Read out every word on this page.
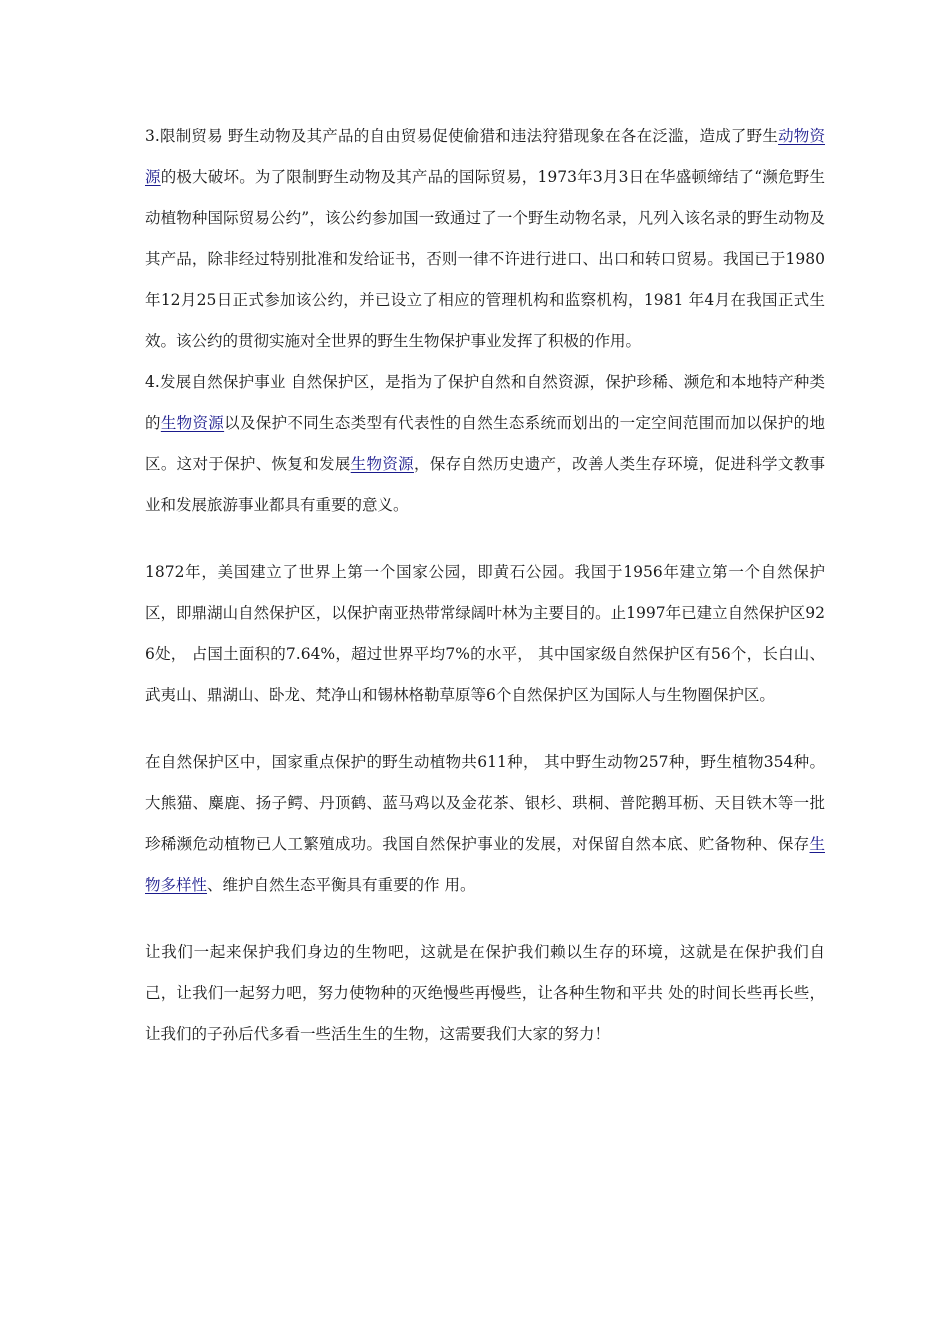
3.限制贸易 野生动物及其产品的自由贸易促使偷猎和违法狩猎现象在各在泛滥，造成了野生动物资源的极大破坏。为了限制野生动物及其产品的国际贸易，1973年3月3日在华盛顿缔结了“濒危野生动植物种国际贸易公约”，该公约参加国一致通过了一个野生动物名录，凡列入该名录的野生动物及其产品，除非经过特别批准和发给证书，否则一律不许进行进口、出口和转口贸易。我国已于1980年12月25日正式参加该公约，并已设立了相应的管理机构和监察机构，1981 年4月在我国正式生效。该公约的贯彻实施对全世界的野生生物保护事业发挥了积极的作用。

4.发展自然保护事业 自然保护区，是指为了保护自然和自然资源，保护珍稀、濒危和本地特产种类的生物资源以及保护不同生态类型有代表性的自然生态系统而划出的一定空间范围而加以保护的地区。这对于保护、恢复和发展生物资源，保存自然历史遗产，改善人类生存环境，促进科学文教事业和发展旅游事业都具有重要的意义。

1872年，美国建立了世界上第一个国家公园，即黄石公园。我国于1956年建立第一个自然保护区，即鼎湖山自然保护区，以保护南亚热带常绿阔叶林为主要目的。止1997年已建立自然保护区926处， 占国土面积的7.64%，超过世界平均7%的水平， 其中国家级自然保护区有56个，长白山、武夷山、鼎湖山、卧龙、梵净山和锡林格勒草原等6个自然保护区为国际人与生物圈保护区。

在自然保护区中，国家重点保护的野生动植物共611种， 其中野生动物257种，野生植物354种。大熊猫、麋鹿、扬子鳄、丹顶鹤、蓝马鸡以及金花茶、银杉、珙桐、普陀鹅耳枥、天目铁木等一批珍稀濒危动植物已人工繁殖成功。我国自然保护事业的发展，对保留自然本底、贮备物种、保存生物多样性、维护自然生态平衡具有重要的作 用。

让我们一起来保护我们身边的生物吧，这就是在保护我们赖以生存的环境，这就是在保护我们自己，让我们一起努力吧，努力使物种的灭绝慢些再慢些，让各种生物和平共 处的时间长些再长些，让我们的子孙后代多看一些活生生的生物，这需要我们大家的努力！
